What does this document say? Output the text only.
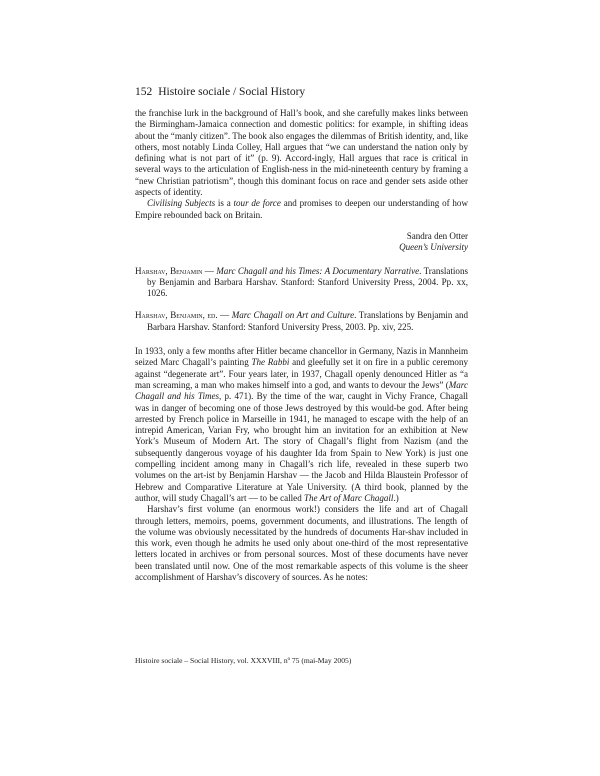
152 Histoire sociale / Social History

the franchise lurk in the background of Hall’s book, and she carefully makes links between the Birmingham-Jamaica connection and domestic politics: for example, in shifting ideas about the “manly citizen”. The book also engages the dilemmas of British identity, and, like others, most notably Linda Colley, Hall argues that “we can understand the nation only by defining what is not part of it” (p. 9). Accord-ingly, Hall argues that race is critical in several ways to the articulation of English-ness in the mid-nineteenth century by framing a “new Christian patriotism”, though this dominant focus on race and gender sets aside other aspects of identity.

Civilising Subjects is a tour de force and promises to deepen our understanding of how Empire rebounded back on Britain.

Sandra den Otter
Queen’s University
Harshav, Benjamin — Marc Chagall and his Times: A Documentary Narrative. Translations by Benjamin and Barbara Harshav. Stanford: Stanford University Press, 2004. Pp. xx, 1026.
Harshav, Benjamin, ed. — Marc Chagall on Art and Culture. Translations by Benjamin and Barbara Harshav. Stanford: Stanford University Press, 2003. Pp. xiv, 225.

In 1933, only a few months after Hitler became chancellor in Germany, Nazis in Mannheim seized Marc Chagall’s painting The Rabbi and gleefully set it on fire in a public ceremony against “degenerate art”. Four years later, in 1937, Chagall openly denounced Hitler as “a man screaming, a man who makes himself into a god, and wants to devour the Jews” (Marc Chagall and his Times, p. 471). By the time of the war, caught in Vichy France, Chagall was in danger of becoming one of those Jews destroyed by this would-be god. After being arrested by French police in Marseille in 1941, he managed to escape with the help of an intrepid American, Varian Fry, who brought him an invitation for an exhibition at New York’s Museum of Modern Art. The story of Chagall’s flight from Nazism (and the subsequently dangerous voyage of his daughter Ida from Spain to New York) is just one compelling incident among many in Chagall’s rich life, revealed in these superb two volumes on the art-ist by Benjamin Harshav — the Jacob and Hilda Blaustein Professor of Hebrew and Comparative Literature at Yale University. (A third book, planned by the author, will study Chagall’s art — to be called The Art of Marc Chagall.)

Harshav’s first volume (an enormous work!) considers the life and art of Chagall through letters, memoirs, poems, government documents, and illustrations. The length of the volume was obviously necessitated by the hundreds of documents Har-shav included in this work, even though he admits he used only about one-third of the most representative letters located in archives or from personal sources. Most of these documents have never been translated until now. One of the most remarkable aspects of this volume is the sheer accomplishment of Harshav’s discovery of sources. As he notes:

Histoire sociale – Social History, vol. XXXVIII, nº 75 (mai-May 2005)
